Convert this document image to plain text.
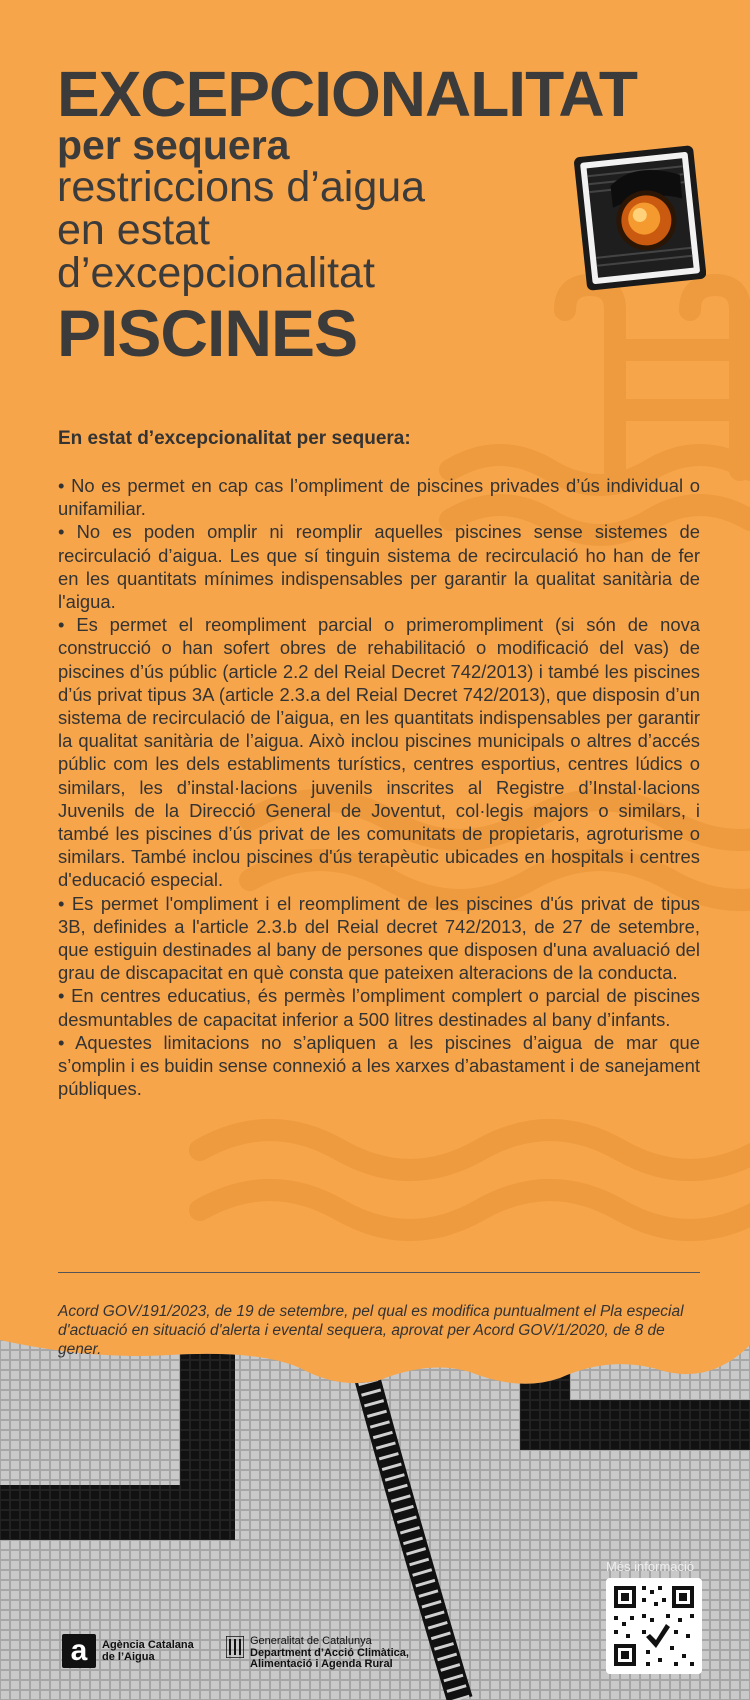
EXCEPCIONALITAT
per sequera
restriccions d’aigua
en estat
d’excepcionalitat
PISCINES

En estat d’excepcionalitat per sequera:

• No es permet en cap cas l’ompliment de piscines privades d’ús individual o unifamiliar.
• No es poden omplir ni reomplir aquelles piscines sense sistemes de recirculació d’aigua. Les que sí tinguin sistema de recirculació ho han de fer en les quantitats mínimes indispensables per garantir la qualitat sanitària de l'aigua.
• Es permet el reompliment parcial o primerompliment (si són de nova construcció o han sofert obres de rehabilitació o modificació del vas) de piscines d’ús públic (article 2.2 del Reial Decret 742/2013) i també les piscines d’ús privat tipus 3A (article 2.3.a del Reial Decret 742/2013), que disposin d’un sistema de recirculació de l’aigua, en les quantitats indispensables per garantir la qualitat sanitària de l’aigua. Això inclou piscines municipals o altres d’accés públic com les dels establiments turístics, centres esportius, centres lúdics o similars, les d’instal·lacions juvenils inscrites al Registre d’Instal·lacions Juvenils de la Direcció General de Joventut, col·legis majors o similars, i també les piscines d’ús privat de les comunitats de propietaris, agroturisme o similars. També inclou piscines d'ús terapèutic ubicades en hospitals i centres d'educació especial.
• Es permet l'ompliment i el reompliment de les piscines d'ús privat de tipus 3B, definides a l'article 2.3.b del Reial decret 742/2013, de 27 de setembre, que estiguin destinades al bany de persones que disposen d'una avaluació del grau de discapacitat en què consta que pateixen alteracions de la conducta.
• En centres educatius, és permès l’ompliment complert o parcial de piscines desmuntables de capacitat inferior a 500 litres destinades al bany d’infants.
• Aquestes limitacions no s’apliquen a les piscines d’aigua de mar que s’omplin i es buidin sense connexió a les xarxes d’abastament i de sanejament públiques.

Acord GOV/191/2023, de 19 de setembre, pel qual es modifica puntualment el Pla especial d'actuació en situació d'alerta i evental sequera, aprovat per Acord GOV/1/2020, de 8 de gener.

Més informació
a	Agència Catalana
de l’Aigua
Generalitat de Catalunya
Department d’Acció Climàtica,
Alimentació i Agenda Rural
